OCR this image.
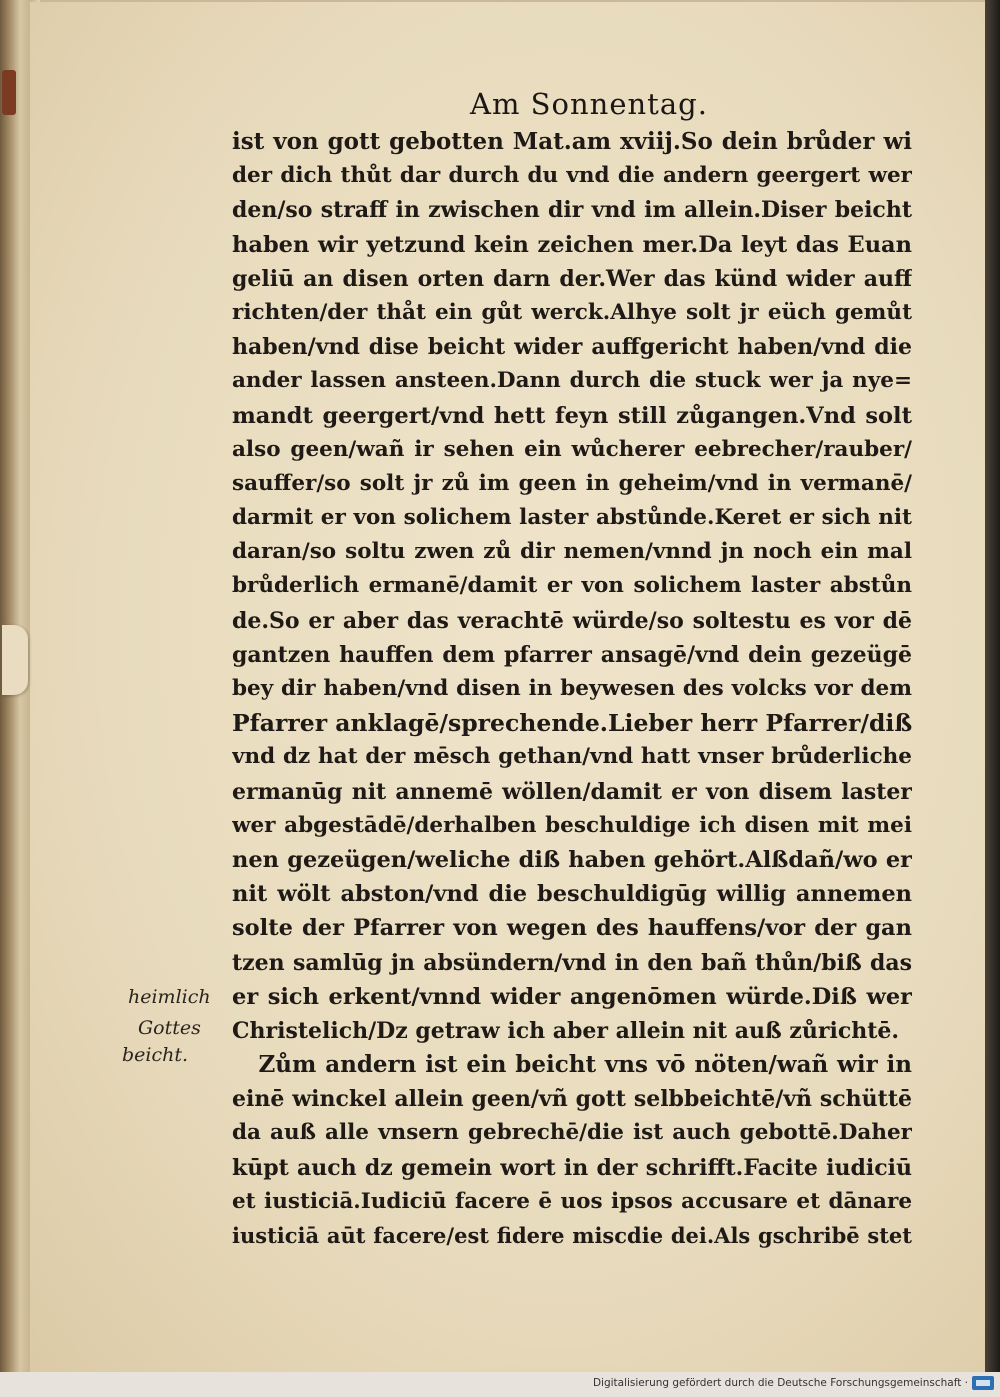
Am Sonnentag.
ist von gott gebotten Mat.am xviij.So dein brůder wi
der dich thůt dar durch du vnd die andern geergert wer
den/so straff in zwischen dir vnd im allein.Diser beicht
haben wir yetzund kein zeichen mer.Da leyt das Euan
geliū an disen orten darn der.Wer das künd wider auff
richten/der thåt ein gůt werck.Alhye solt jr eüch gemůt
haben/vnd dise beicht wider auffgericht haben/vnd die
ander lassen ansteen.Dann durch die stuck wer ja nye=
mandt geergert/vnd hett feyn still zůgangen.Vnd solt
also geen/wañ ir sehen ein wůcherer eebrecher/rauber/
sauffer/so solt jr zů im geen in geheim/vnd in vermanē/
darmit er von solichem laster abstůnde.Keret er sich nit
daran/so soltu zwen zů dir nemen/vnnd jn noch ein mal
brůderlich ermanē/damit er von solichem laster abstůn
de.So er aber das verachtē würde/so soltestu es vor dē
gantzen hauffen dem pfarrer ansagē/vnd dein gezeügē
bey dir haben/vnd disen in beywesen des volcks vor dem
Pfarrer anklagē/sprechende.Lieber herr Pfarrer/diß
vnd dz hat der mēsch gethan/vnd hatt vnser brůderliche
ermanūg nit annemē wöllen/damit er von disem laster
wer abgestādē/derhalben beschuldige ich disen mit mei
nen gezeügen/weliche diß haben gehört.Alßdañ/wo er
nit wölt abston/vnd die beschuldigūg willig annemen
solte der Pfarrer von wegen des hauffens/vor der gan
tzen samlūg jn absündern/vnd in den bañ thůn/biß das
er sich erkent/vnnd wider angenōmen würde.Diß wer
Christelich/Dz getraw ich aber allein nit auß zůrichtē.
Zům andern ist ein beicht vns vō nöten/wañ wir in
einē winckel allein geen/vñ gott selbbeichtē/vñ schüttē
da auß alle vnsern gebrechē/die ist auch gebottē.Daher
kūpt auch dz gemein wort in der schrifft.Facite iudiciū
et iusticiā.Iudiciū facere ē uos ipsos accusare et dānare
iusticiā aūt facere/est fidere miscdie dei.Als gschribē stet
heimlich
Gottes
beicht.
Digitalisierung gefördert durch die Deutsche Forschungsgemeinschaft ·
